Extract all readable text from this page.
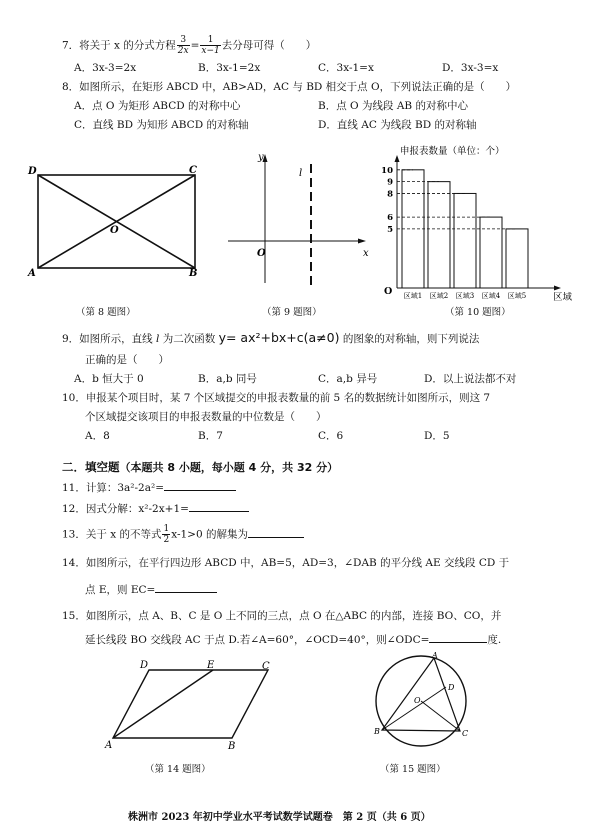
7．将关于 x 的分式方程 $\frac{3}{2x} = \frac{1}{x-1}$ 去分母可得（　　）
A．3x-3=2x	B．3x-1=2x	C．3x-1=x	D．3x-3=x
8．如图所示，在矩形 ABCD 中，AB>AD，AC 与 BD 相交于点 O，下列说法正确的是（　　）
A．点 O 为矩形 ABCD 的对称中心	B．点 O 为线段 AB 的对称中心
C．直线 BD 为知形 ABCD 的对称轴	D．直线 AC 为线段 BD 的对称轴
D	C
A	B
O
（第 8 题图）
y
x
O
l
（第 9 题图）
申报表数量（单位：个）
O
区域
区域1 区域2 区域3 区域4 区域5
10
9
8
6
5
（第 10 题图）
9．如图所示，直线 l 为二次函数 y= ax²+bx+c(a≠0) 的图象的对称轴，则下列说法
正确的是（　　）
A．b 恒大于 0	B．a,b 同号	C．a,b 异号	D．以上说法都不对
10．申报某个项目时，某 7 个区域提交的申报表数量的前 5 名的数据统计如图所示，则这 7
个区域提交该项目的申报表数量的中位数是（　　）
A．8	B．7	C．6	D．5
二．填空题（本题共 8 小题，每小题 4 分，共 32 分）
11．计算：3a²-2a²=
12．因式分解：x²-2x+1=
13．关于 x 的不等式 $\frac{1}{2} x-1>0$ 的解集为
14．如图所示，在平行四边形 ABCD 中，AB=5，AD=3，∠DAB 的平分线 AE 交线段 CD 于
点 E，则 EC=
15．如图所示，点 A、B、C 是 O 上不同的三点，点 O 在△ABC 的内部，连接 BO、CO，并
延长线段 BO 交线段 AC 于点 D.若∠A=60°，∠OCD=40°，则∠ODC=	度.
D	E	C
A	B
（第 14 题图）
A
D
O
B	C
（第 15 题图）
株洲市 2023 年初中学业水平考试数学试题卷　第 2 页（共 6 页）
